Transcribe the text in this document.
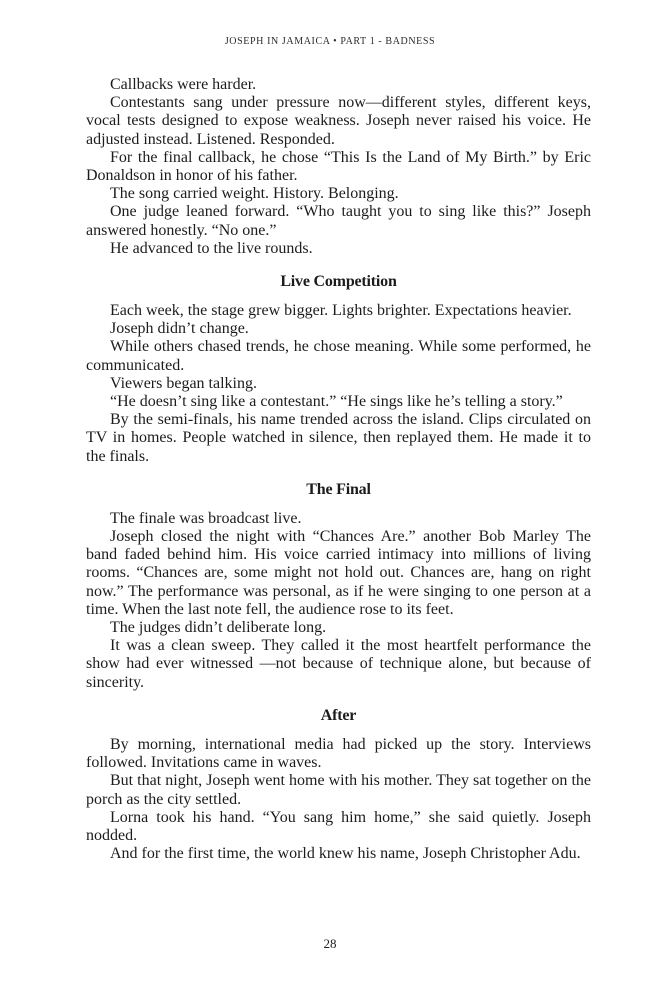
JOSEPH IN JAMAICA • PART 1 - BADNESS

Callbacks were harder.

Contestants sang under pressure now—different styles, different keys, vocal tests designed to expose weakness. Joseph never raised his voice. He adjusted instead. Listened. Responded.

For the final callback, he chose “This Is the Land of My Birth.” by Eric Donaldson in honor of his father.

The song carried weight. History. Belonging.

One judge leaned forward. “Who taught you to sing like this?” Joseph answered honestly. “No one.”

He advanced to the live rounds.

Live Competition

Each week, the stage grew bigger. Lights brighter. Expectations heavier.

Joseph didn’t change.

While others chased trends, he chose meaning. While some performed, he communicated.

Viewers began talking.

“He doesn’t sing like a contestant.” “He sings like he’s telling a story.”

By the semi-finals, his name trended across the island. Clips circulated on TV in homes. People watched in silence, then replayed them. He made it to the finals.

The Final

The finale was broadcast live.

Joseph closed the night with “Chances Are.” another Bob Marley The band faded behind him. His voice carried intimacy into millions of living rooms. “Chances are, some might not hold out. Chances are, hang on right now.” The performance was personal, as if he were singing to one person at a time. When the last note fell, the audience rose to its feet.

The judges didn’t deliberate long.

It was a clean sweep. They called it the most heartfelt performance the show had ever witnessed —not because of technique alone, but because of sincerity.

After

By morning, international media had picked up the story. Interviews followed. Invitations came in waves.

But that night, Joseph went home with his mother. They sat together on the porch as the city settled.

Lorna took his hand. “You sang him home,” she said quietly. Joseph nodded.

And for the first time, the world knew his name, Joseph Christopher Adu.

28
